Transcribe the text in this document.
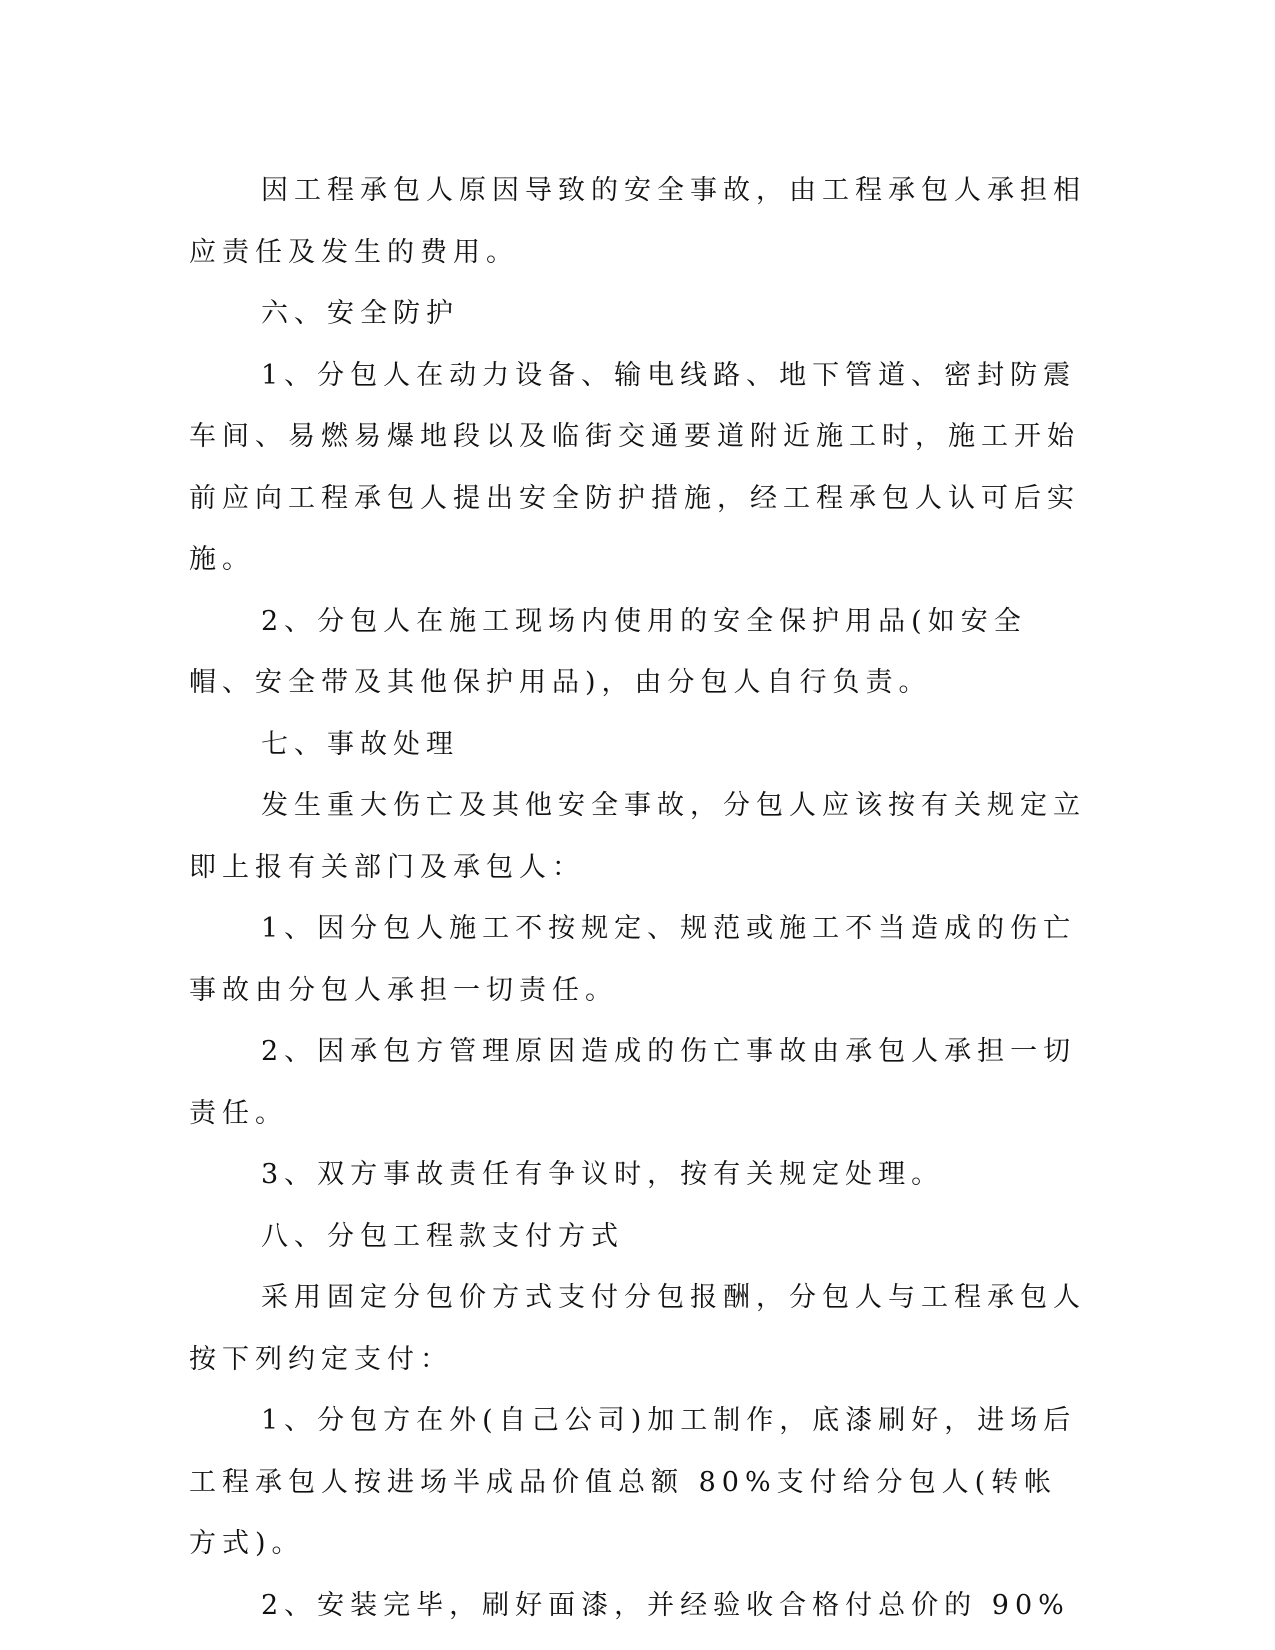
因工程承包人原因导致的安全事故，由工程承包人承担相应责任及发生的费用。

六、安全防护

1、分包人在动力设备、输电线路、地下管道、密封防震车间、易燃易爆地段以及临街交通要道附近施工时，施工开始前应向工程承包人提出安全防护措施，经工程承包人认可后实施。

2、分包人在施工现场内使用的安全保护用品(如安全帽、安全带及其他保护用品)，由分包人自行负责。

七、事故处理

发生重大伤亡及其他安全事故，分包人应该按有关规定立即上报有关部门及承包人：

1、因分包人施工不按规定、规范或施工不当造成的伤亡事故由分包人承担一切责任。

2、因承包方管理原因造成的伤亡事故由承包人承担一切责任。

3、双方事故责任有争议时，按有关规定处理。

八、分包工程款支付方式

采用固定分包价方式支付分包报酬，分包人与工程承包人按下列约定支付：

1、分包方在外(自己公司)加工制作，底漆刷好，进场后工程承包人按进场半成品价值总额 80%支付给分包人(转帐方式)。

2、安装完毕，刷好面漆，并经验收合格付总价的 90%
